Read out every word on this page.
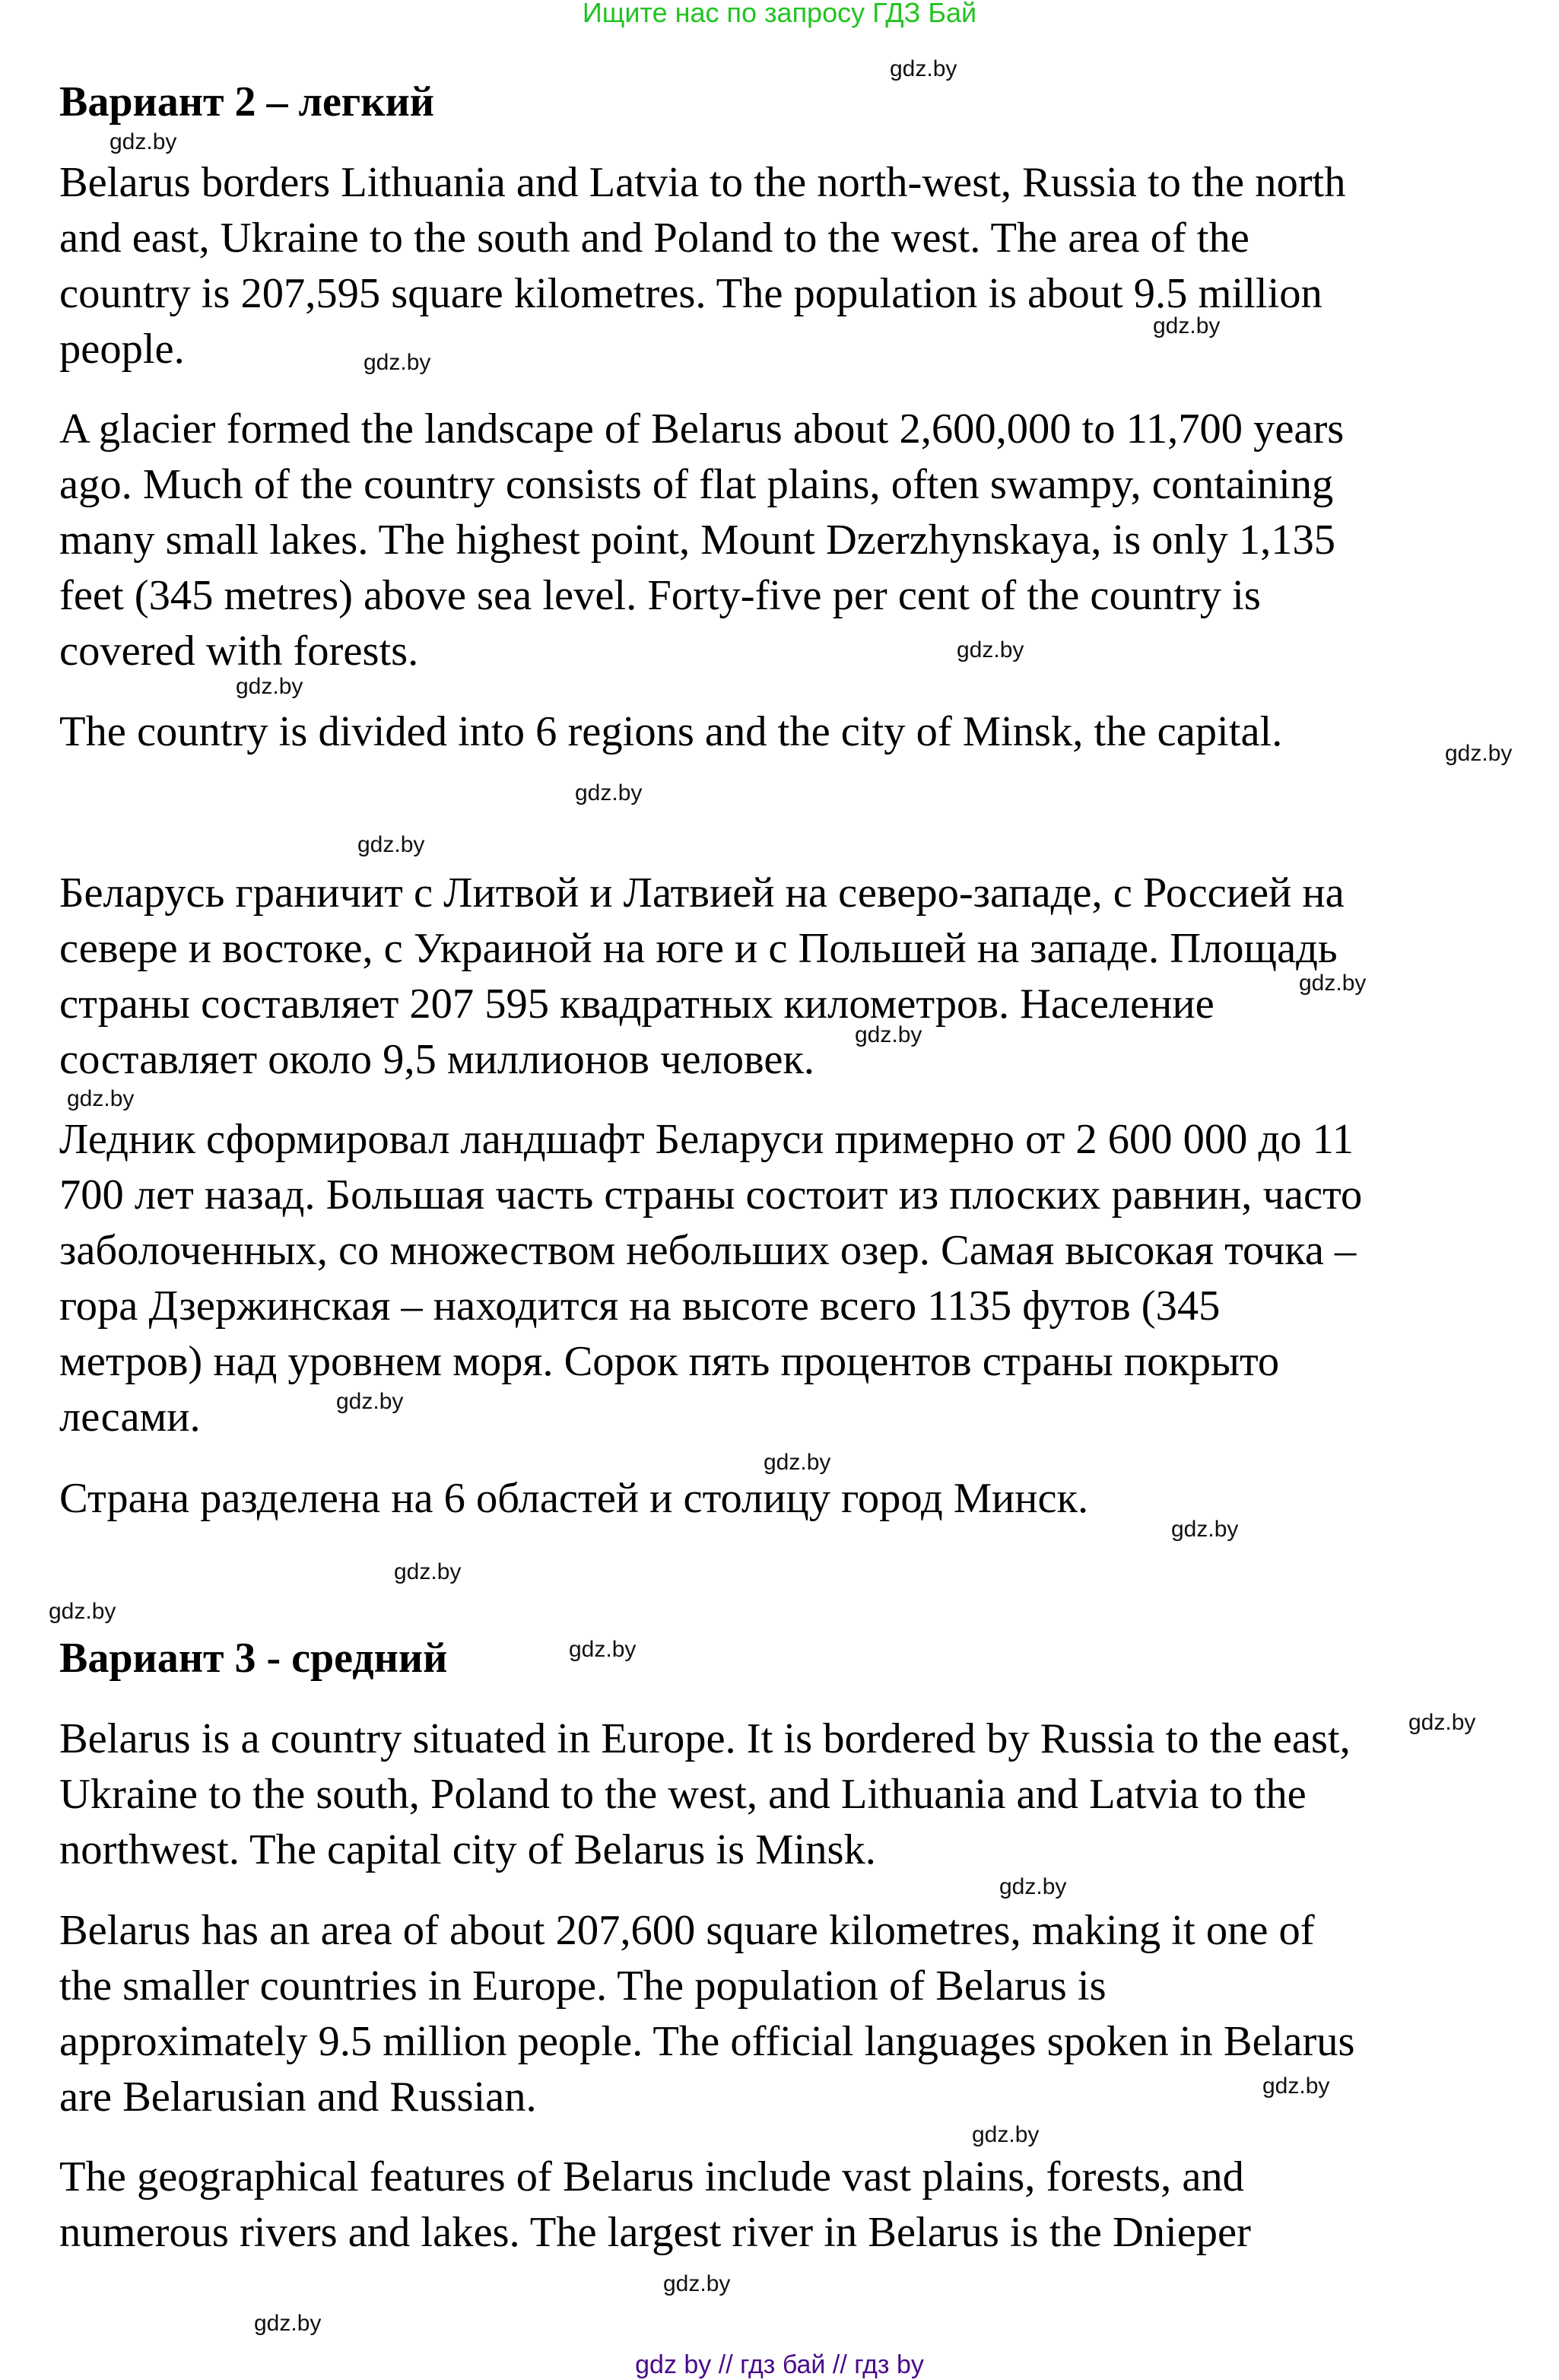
Ищите нас по запросу ГДЗ Бай
Вариант 2 – легкий
Вариант 3 - средний
Belarus borders Lithuania and Latvia to the north-west, Russia to the north
and east, Ukraine to the south and Poland to the west. The area of the
country is 207,595 square kilometres. The population is about 9.5 million
people.
A glacier formed the landscape of Belarus about 2,600,000 to 11,700 years
ago. Much of the country consists of flat plains, often swampy, containing
many small lakes. The highest point, Mount Dzerzhynskaya, is only 1,135
feet (345 metres) above sea level. Forty-five per cent of the country is
covered with forests.
The country is divided into 6 regions and the city of Minsk, the capital.
Беларусь граничит с Литвой и Латвией на северо-западе, с Россией на
севере и востоке, с Украиной на юге и с Польшей на западе. Площадь
страны составляет 207 595 квадратных километров. Население
составляет около 9,5 миллионов человек.
Ледник сформировал ландшафт Беларуси примерно от 2 600 000 до 11
700 лет назад. Большая часть страны состоит из плоских равнин, часто
заболоченных, со множеством небольших озер. Самая высокая точка –
гора Дзержинская – находится на высоте всего 1135 футов (345
метров) над уровнем моря. Сорок пять процентов страны покрыто
лесами.
Страна разделена на 6 областей и столицу город Минск.
Belarus is a country situated in Europe. It is bordered by Russia to the east,
Ukraine to the south, Poland to the west, and Lithuania and Latvia to the
northwest. The capital city of Belarus is Minsk.
Belarus has an area of about 207,600 square kilometres, making it one of
the smaller countries in Europe. The population of Belarus is
approximately 9.5 million people. The official languages spoken in Belarus
are Belarusian and Russian.
The geographical features of Belarus include vast plains, forests, and
numerous rivers and lakes. The largest river in Belarus is the Dnieper
gdz.by
gdz.by
gdz.by
gdz.by
gdz.by
gdz.by
gdz.by
gdz.by
gdz.by
gdz.by
gdz.by
gdz.by
gdz.by
gdz.by
gdz.by
gdz.by
gdz.by
gdz.by
gdz.by
gdz.by
gdz.by
gdz.by
gdz.by
gdz.by
gdz by // гдз бай // гдз by
